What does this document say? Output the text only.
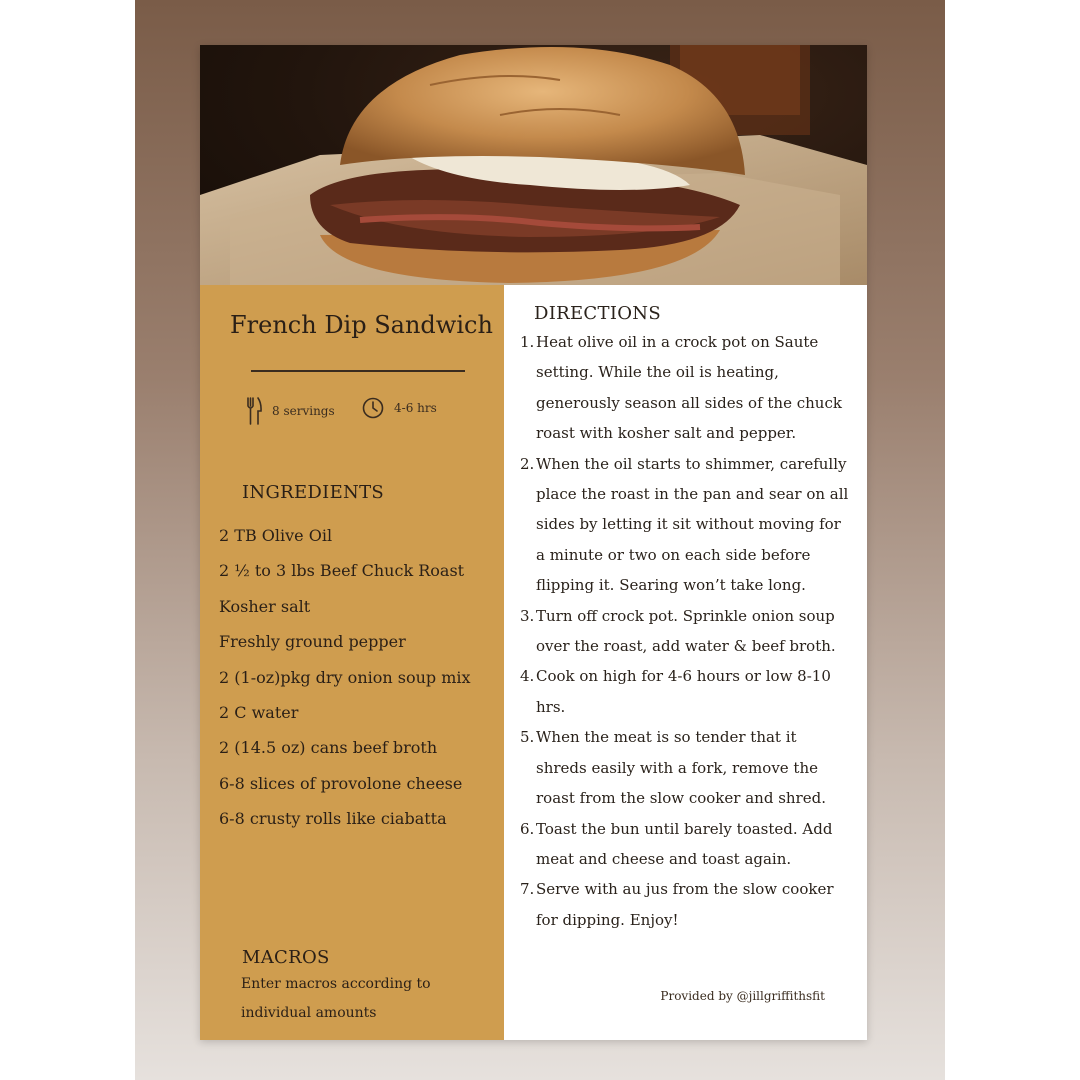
French Dip Sandwich
8 servings	4-6 hrs
INGREDIENTS
2 TB Olive Oil
2 ½ to 3 lbs Beef Chuck Roast
Kosher salt
Freshly ground pepper
2 (1-oz)pkg dry onion soup mix
2 C water
2 (14.5 oz) cans beef broth
6-8 slices of provolone cheese
6-8 crusty rolls like ciabatta
MACROS
Enter macros according to individual amounts
DIRECTIONS
1. Heat olive oil in a crock pot on Saute setting. While the oil is heating, generously season all sides of the chuck roast with kosher salt and pepper.
2. When the oil starts to shimmer, carefully place the roast in the pan and sear on all sides by letting it sit without moving for a minute or two on each side before flipping it. Searing won’t take long.
3. Turn off crock pot. Sprinkle onion soup over the roast, add water & beef broth.
4. Cook on high for 4-6 hours or low 8-10 hrs.
5. When the meat is so tender that it shreds easily with a fork, remove the roast from the slow cooker and shred.
6. Toast the bun until barely toasted. Add meat and cheese and toast again.
7. Serve with au jus from the slow cooker for dipping. Enjoy!
Provided by @jillgriffithsfit
